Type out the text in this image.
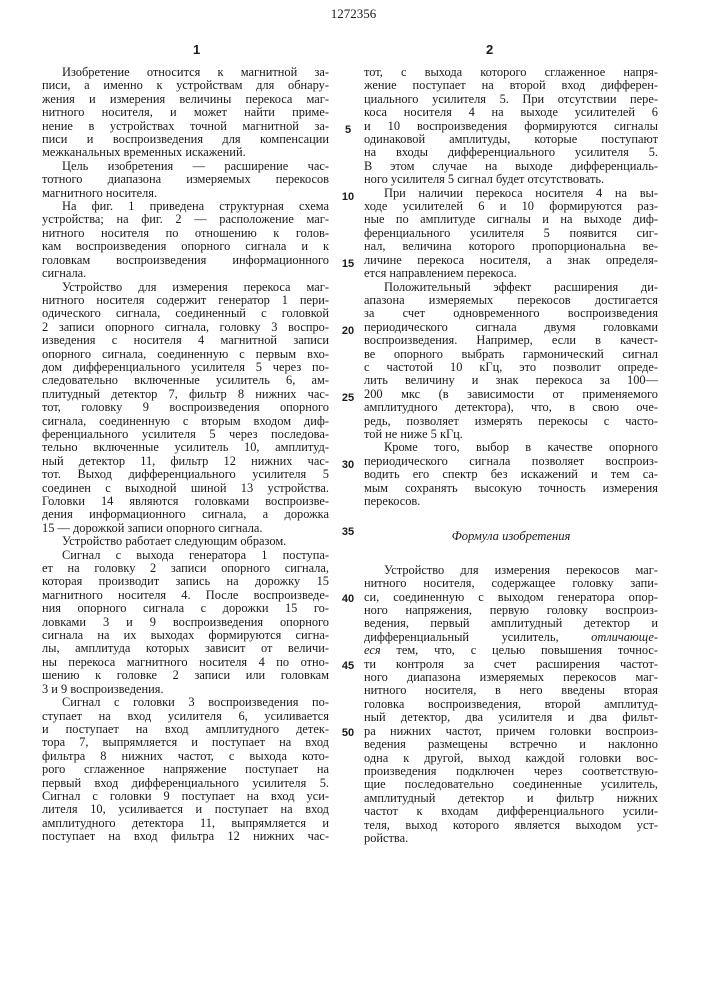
1272356
1	2
Изобретение относится к магнитной за-
писи, а именно к устройствам для обнару-
жения и измерения величины перекоса маг-
нитного носителя, и может найти приме-
нение в устройствах точной магнитной за-
писи и воспроизведения для компенсации
межканальных временных искажений.
Цель изобретения — расширение час-
тотного диапазона измеряемых перекосов
магнитного носителя.
На фиг. 1 приведена структурная схема
устройства; на фиг. 2 — расположение маг-
нитного носителя по отношению к голов-
кам воспроизведения опорного сигнала и к
головкам воспроизведения информационного
сигнала.
Устройство для измерения перекоса маг-
нитного носителя содержит генератор 1 пери-
одического сигнала, соединенный с головкой
2 записи опорного сигнала, головку 3 воспро-
изведения с носителя 4 магнитной записи
опорного сигнала, соединенную с первым вхо-
дом дифференциального усилителя 5 через по-
следовательно включенные усилитель 6, ам-
плитудный детектор 7, фильтр 8 нижних час-
тот, головку 9 воспроизведения опорного
сигнала, соединенную с вторым входом диф-
ференциального усилителя 5 через последова-
тельно включенные усилитель 10, амплитуд-
ный детектор 11, фильтр 12 нижних час-
тот. Выход дифференциального усилителя 5
соединен с выходной шиной 13 устройства.
Головки 14 являются головками воспроизве-
дения информационного сигнала, а дорожка
15 — дорожкой записи опорного сигнала.
Устройство работает следующим образом.
Сигнал с выхода генератора 1 поступа-
ет на головку 2 записи опорного сигнала,
которая производит запись на дорожку 15
магнитного носителя 4. После воспроизведе-
ния опорного сигнала с дорожки 15 го-
ловками 3 и 9 воспроизведения опорного
сигнала на их выходах формируются сигна-
лы, амплитуда которых зависит от величи-
ны перекоса магнитного носителя 4 по отно-
шению к головке 2 записи или головкам
3 и 9 воспроизведения.
Сигнал с головки 3 воспроизведения по-
ступает на вход усилителя 6, усиливается
и поступает на вход амплитудного детек-
тора 7, выпрямляется и поступает на вход
фильтра 8 нижних частот, с выхода кото-
рого сглаженное напряжение поступает на
первый вход дифференциального усилителя 5.
Сигнал с головки 9 поступает на вход уси-
лителя 10, усиливается и поступает на вход
амплитудного детектора 11, выпрямляется и
поступает на вход фильтра 12 нижних час-
тот, с выхода которого сглаженное напря-
жение поступает на второй вход дифферен-
циального усилителя 5. При отсутствии пере-
коса носителя 4 на выходе усилителей 6
и 10 воспроизведения формируются сигналы
одинаковой амплитуды, которые поступают
на входы дифференциального усилителя 5.
В этом случае на выходе дифференциаль-
ного усилителя 5 сигнал будет отсутствовать.
При наличии перекоса носителя 4 на вы-
ходе усилителей 6 и 10 формируются раз-
ные по амплитуде сигналы и на выходе диф-
ференциального усилителя 5 появится сиг-
нал, величина которого пропорциональна ве-
личине перекоса носителя, а знак определя-
ется направлением перекоса.
Положительный эффект расширения ди-
апазона измеряемых перекосов достигается
за счет одновременного воспроизведения
периодического сигнала двумя головками
воспроизведения. Например, если в качест-
ве опорного выбрать гармонический сигнал
с частотой 10 кГц, это позволит опреде-
лить величину и знак перекоса за 100—
200 мкс (в зависимости от применяемого
амплитудного детектора), что, в свою оче-
редь, позволяет измерять перекосы с часто-
той не ниже 5 кГц.
Кроме того, выбор в качестве опорного
периодического сигнала позволяет воспроиз-
водить его спектр без искажений и тем са-
мым сохранять высокую точность измерения
перекосов.
Формула изобретения
Устройство для измерения перекосов маг-
нитного носителя, содержащее головку запи-
си, соединенную с выходом генератора опор-
ного напряжения, первую головку воспроиз-
ведения, первый амплитудный детектор и
дифференциальный усилитель, отличающе-
еся тем, что, с целью повышения точнос-
ти контроля за счет расширения частот-
ного диапазона измеряемых перекосов маг-
нитного носителя, в него введены вторая
головка воспроизведения, второй амплитуд-
ный детектор, два усилителя и два фильт-
ра нижних частот, причем головки воспроиз-
ведения размещены встречно и наклонно
одна к другой, выход каждой головки вос-
произведения подключен через соответствую-
щие последовательно соединенные усилитель,
амплитудный детектор и фильтр нижних
частот к входам дифференциального усили-
теля, выход которого является выходом уст-
ройства.
5
10
15
20
25
30
35
40
45
50
